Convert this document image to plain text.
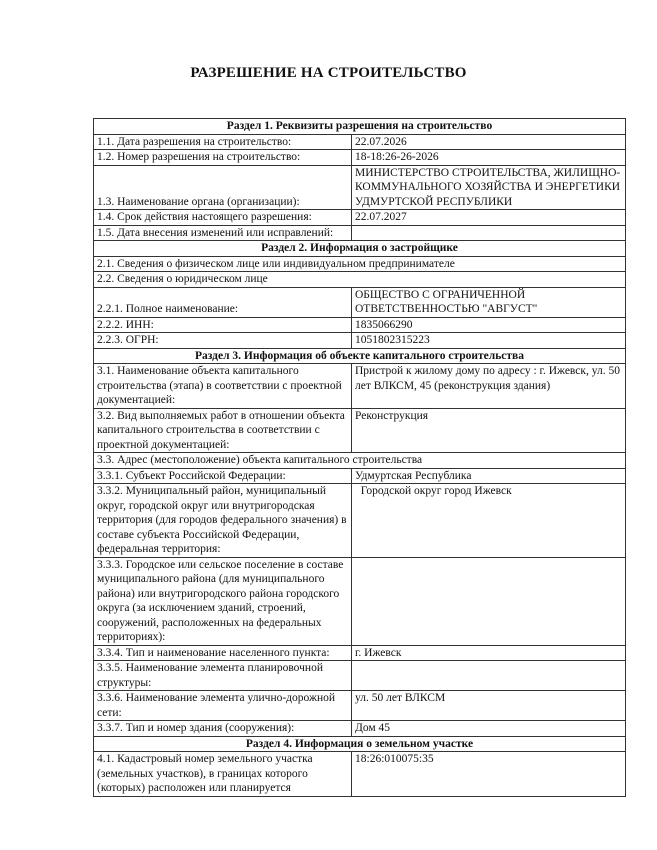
РАЗРЕШЕНИЕ НА СТРОИТЕЛЬСТВО
Раздел 1. Реквизиты разрешения на строительство	
1.1. Дата разрешения на строительство:	22.07.2026
1.2. Номер разрешения на строительство:	18-18:26-26-2026
1.3. Наименование органа (организации):	МИНИСТЕРСТВО СТРОИТЕЛЬСТВА, ЖИЛИЩНО-КОММУНАЛЬНОГО ХОЗЯЙСТВА И ЭНЕРГЕТИКИ УДМУРТСКОЙ РЕСПУБЛИКИ
1.4. Срок действия настоящего разрешения:	22.07.2027
1.5. Дата внесения изменений или исправлений:	
Раздел 2. Информация о застройщике	
2.1. Сведения о физическом лице или индивидуальном предпринимателе	
2.2. Сведения о юридическом лице	
2.2.1. Полное наименование:	ОБЩЕСТВО С ОГРАНИЧЕННОЙ ОТВЕТСТВЕННОСТЬЮ "АВГУСТ"
2.2.2. ИНН:	1835066290
2.2.3. ОГРН:	1051802315223
Раздел 3. Информация об объекте капитального строительства	
3.1. Наименование объекта капитального строительства (этапа) в соответствии с проектной документацией:	Пристрой к жилому дому по адресу : г. Ижевск, ул. 50 лет ВЛКСМ, 45 (реконструкция здания)
3.2. Вид выполняемых работ в отношении объекта капитального строительства в соответствии с проектной документацией:	Реконструкция
3.3. Адрес (местоположение) объекта капитального строительства	
3.3.1. Субъект Российской Федерации:	Удмуртская Республика
3.3.2. Муниципальный район, муниципальный округ, городской округ или внутригородская территория (для городов федерального значения) в составе субъекта Российской Федерации, федеральная территория:	Городской округ город Ижевск
3.3.3. Городское или сельское поселение в составе муниципального района (для муниципального района) или внутригородского района городского округа (за исключением зданий, строений, сооружений, расположенных на федеральных территориях):	
3.3.4. Тип и наименование населенного пункта:	г. Ижевск
3.3.5. Наименование элемента планировочной структуры:	
3.3.6. Наименование элемента улично-дорожной сети:	ул. 50 лет ВЛКСМ
3.3.7. Тип и номер здания (сооружения):	Дом 45
Раздел 4. Информация о земельном участке	
4.1. Кадастровый номер земельного участка (земельных участков), в границах которого (которых) расположен или планируется	18:26:010075:35
